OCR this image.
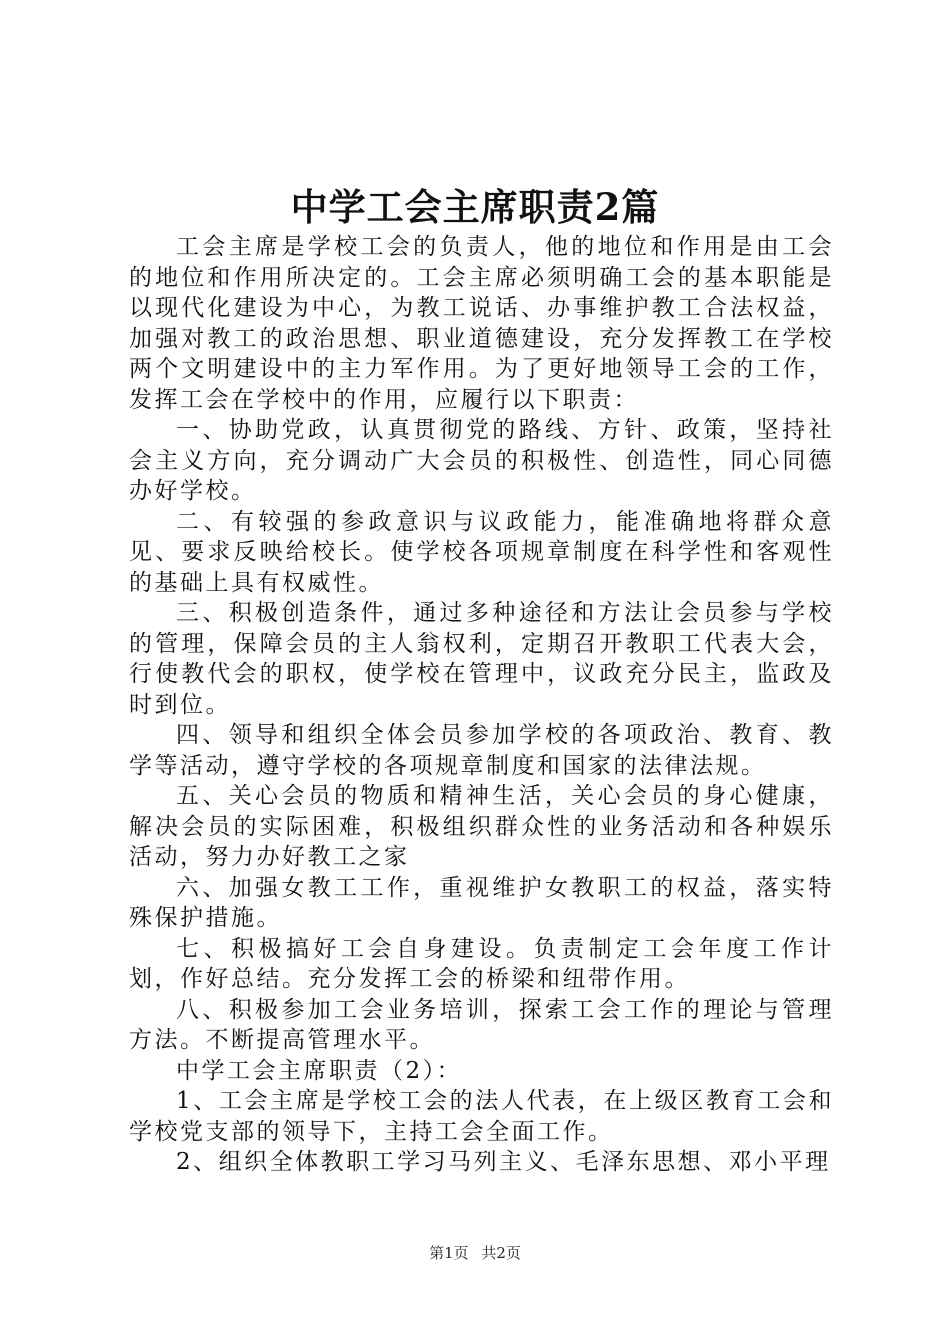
中学工会主席职责2篇

工会主席是学校工会的负责人，他的地位和作用是由工会的地位和作用所决定的。工会主席必须明确工会的基本职能是以现代化建设为中心，为教工说话、办事维护教工合法权益，加强对教工的政治思想、职业道德建设，充分发挥教工在学校两个文明建设中的主力军作用。为了更好地领导工会的工作，发挥工会在学校中的作用，应履行以下职责：

一、协助党政，认真贯彻党的路线、方针、政策，坚持社会主义方向，充分调动广大会员的积极性、创造性，同心同德办好学校。

二、有较强的参政意识与议政能力，能准确地将群众意见、要求反映给校长。使学校各项规章制度在科学性和客观性的基础上具有权威性。

三、积极创造条件，通过多种途径和方法让会员参与学校的管理，保障会员的主人翁权利，定期召开教职工代表大会，行使教代会的职权，使学校在管理中，议政充分民主，监政及时到位。

四、领导和组织全体会员参加学校的各项政治、教育、教学等活动，遵守学校的各项规章制度和国家的法律法规。

五、关心会员的物质和精神生活，关心会员的身心健康，解决会员的实际困难，积极组织群众性的业务活动和各种娱乐活动，努力办好教工之家

六、加强女教工工作，重视维护女教职工的权益，落实特殊保护措施。

七、积极搞好工会自身建设。负责制定工会年度工作计划，作好总结。充分发挥工会的桥梁和纽带作用。

八、积极参加工会业务培训，探索工会工作的理论与管理方法。不断提高管理水平。

中学工会主席职责（2）：

1、工会主席是学校工会的法人代表，在上级区教育工会和学校党支部的领导下，主持工会全面工作。

2、组织全体教职工学习马列主义、毛泽东思想、邓小平理

第1页 共2页
